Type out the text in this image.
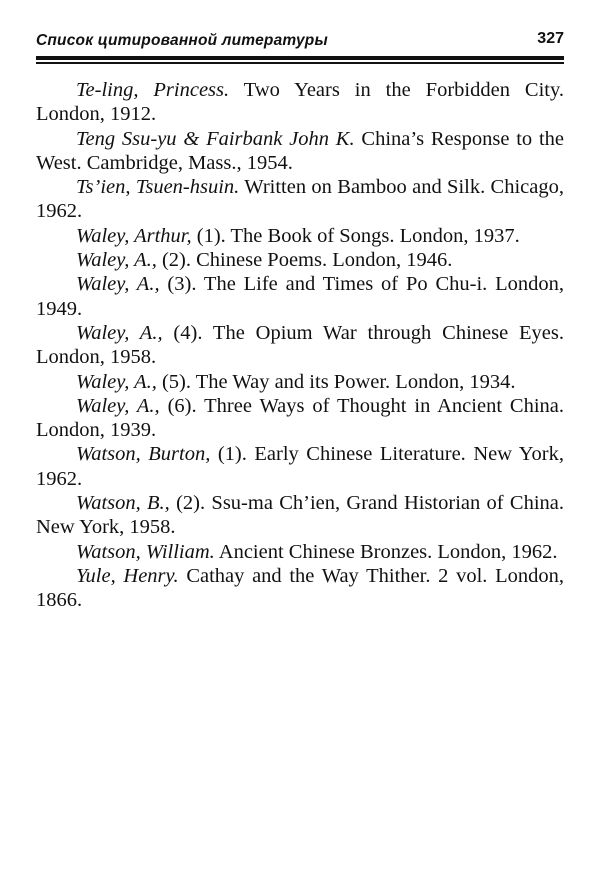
Список цитированной литературы	327

Te-ling, Princess. Two Years in the Forbidden City. London, 1912.

Teng Ssu-yu & Fairbank John K. China’s Response to the West. Cambridge, Mass., 1954.

Ts’ien, Tsuen-hsuin. Written on Bamboo and Silk. Chicago, 1962.

Waley, Arthur, (1). The Book of Songs. London, 1937.

Waley, A., (2). Chinese Poems. London, 1946.

Waley, A., (3). The Life and Times of Po Chu-i. London, 1949.

Waley, A., (4). The Opium War through Chinese Eyes. London, 1958.

Waley, A., (5). The Way and its Power. London, 1934.

Waley, A., (6). Three Ways of Thought in Ancient China. London, 1939.

Watson, Burton, (1). Early Chinese Literature. New York, 1962.

Watson, B., (2). Ssu-ma Ch’ien, Grand Historian of China. New York, 1958.

Watson, William. Ancient Chinese Bronzes. London, 1962.

Yule, Henry. Cathay and the Way Thither. 2 vol. London, 1866.
